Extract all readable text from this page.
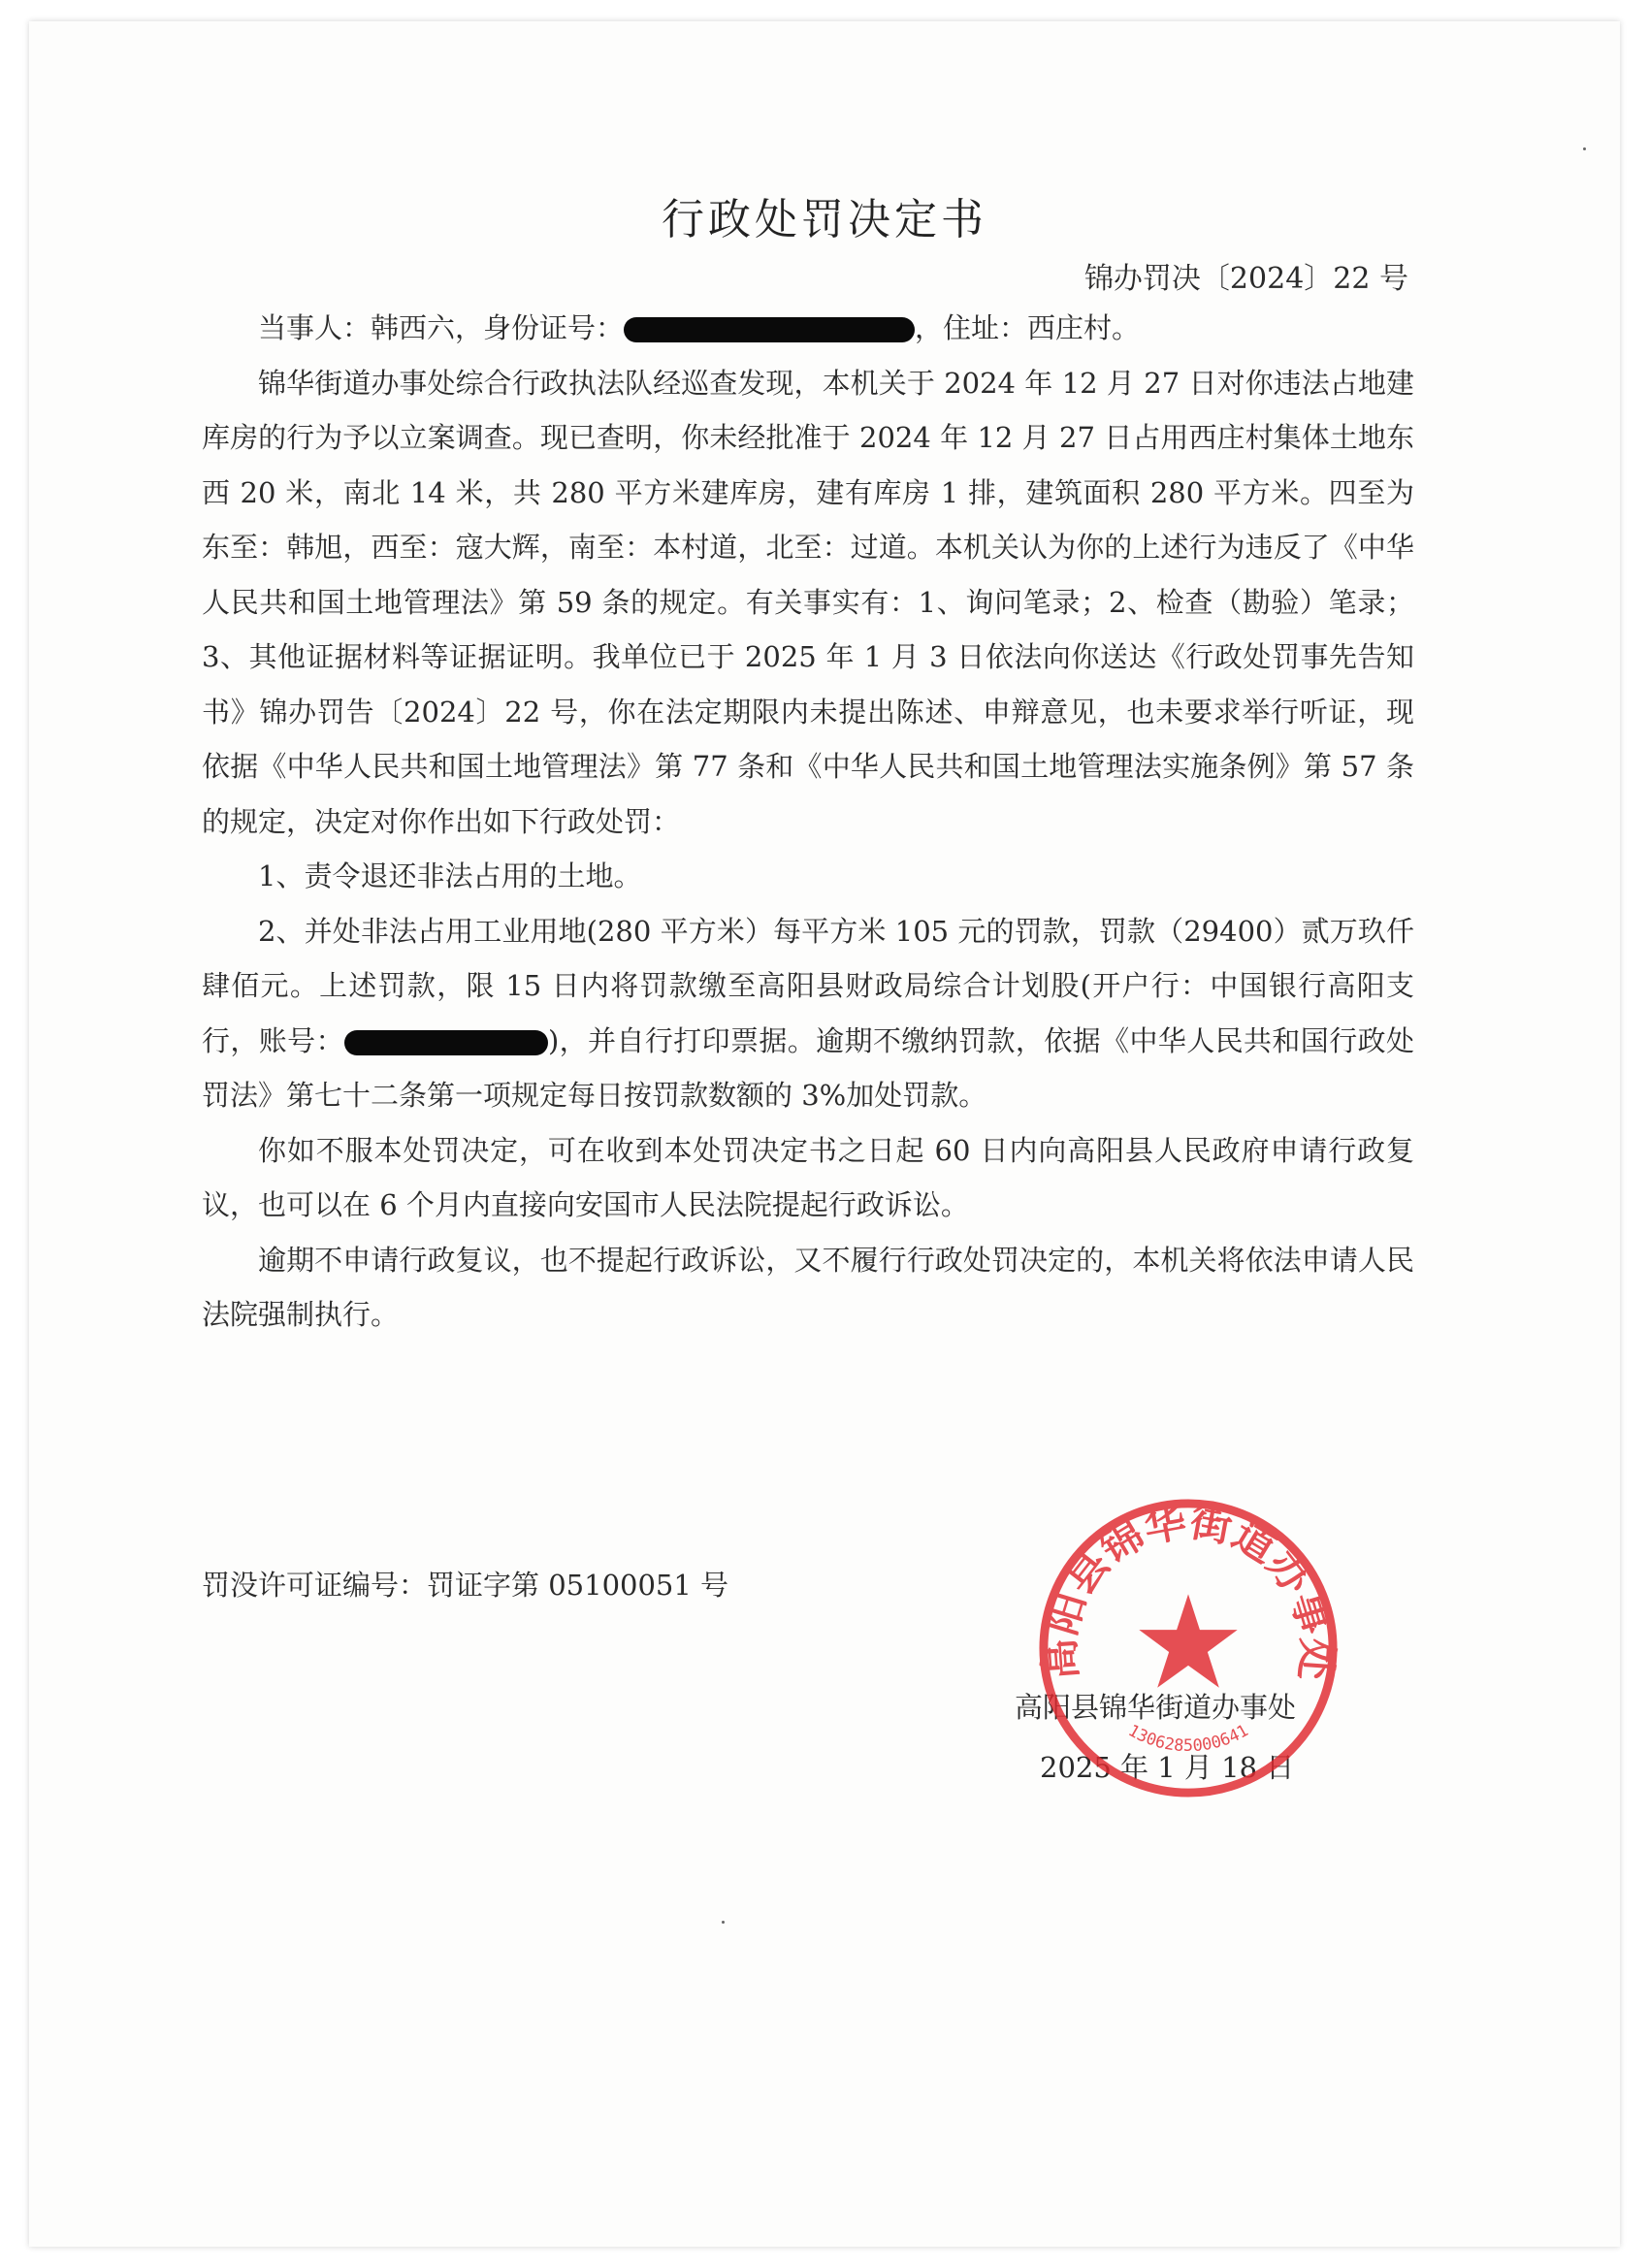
行政处罚决定书
锦办罚决〔2024〕22 号

当事人：韩西六，身份证号：	，住址：西庄村。

锦华街道办事处综合行政执法队经巡查发现，本机关于 2024 年 12 月 27 日对你违法占地建库房的行为予以立案调查。现已查明，你未经批准于 2024 年 12 月 27 日占用西庄村集体土地东西 20 米，南北 14 米，共 280 平方米建库房，建有库房 1 排，建筑面积 280 平方米。四至为东至：韩旭，西至：寇大辉，南至：本村道，北至：过道。本机关认为你的上述行为违反了《中华人民共和国土地管理法》第 59 条的规定。有关事实有：1、询问笔录；2、检查（勘验）笔录；3、其他证据材料等证据证明。我单位已于 2025 年 1 月 3 日依法向你送达《行政处罚事先告知书》锦办罚告〔2024〕22 号，你在法定期限内未提出陈述、申辩意见，也未要求举行听证，现依据《中华人民共和国土地管理法》第 77 条和《中华人民共和国土地管理法实施条例》第 57 条的规定，决定对你作出如下行政处罚：

1、责令退还非法占用的土地。

2、并处非法占用工业用地(280 平方米）每平方米 105 元的罚款，罚款（29400）贰万玖仟肆佰元。上述罚款，限 15 日内将罚款缴至高阳县财政局综合计划股(开户行：中国银行高阳支行，账号：	)，并自行打印票据。逾期不缴纳罚款，依据《中华人民共和国行政处罚法》第七十二条第一项规定每日按罚款数额的 3%加处罚款。

你如不服本处罚决定，可在收到本处罚决定书之日起 60 日内向高阳县人民政府申请行政复议，也可以在 6 个月内直接向安国市人民法院提起行政诉讼。

逾期不申请行政复议，也不提起行政诉讼，又不履行行政处罚决定的，本机关将依法申请人民法院强制执行。

罚没许可证编号：罚证字第 05100051 号
高阳县锦华街道办事处
2025 年 1 月 18 日
高阳县锦华街道办事处
1306285000641
